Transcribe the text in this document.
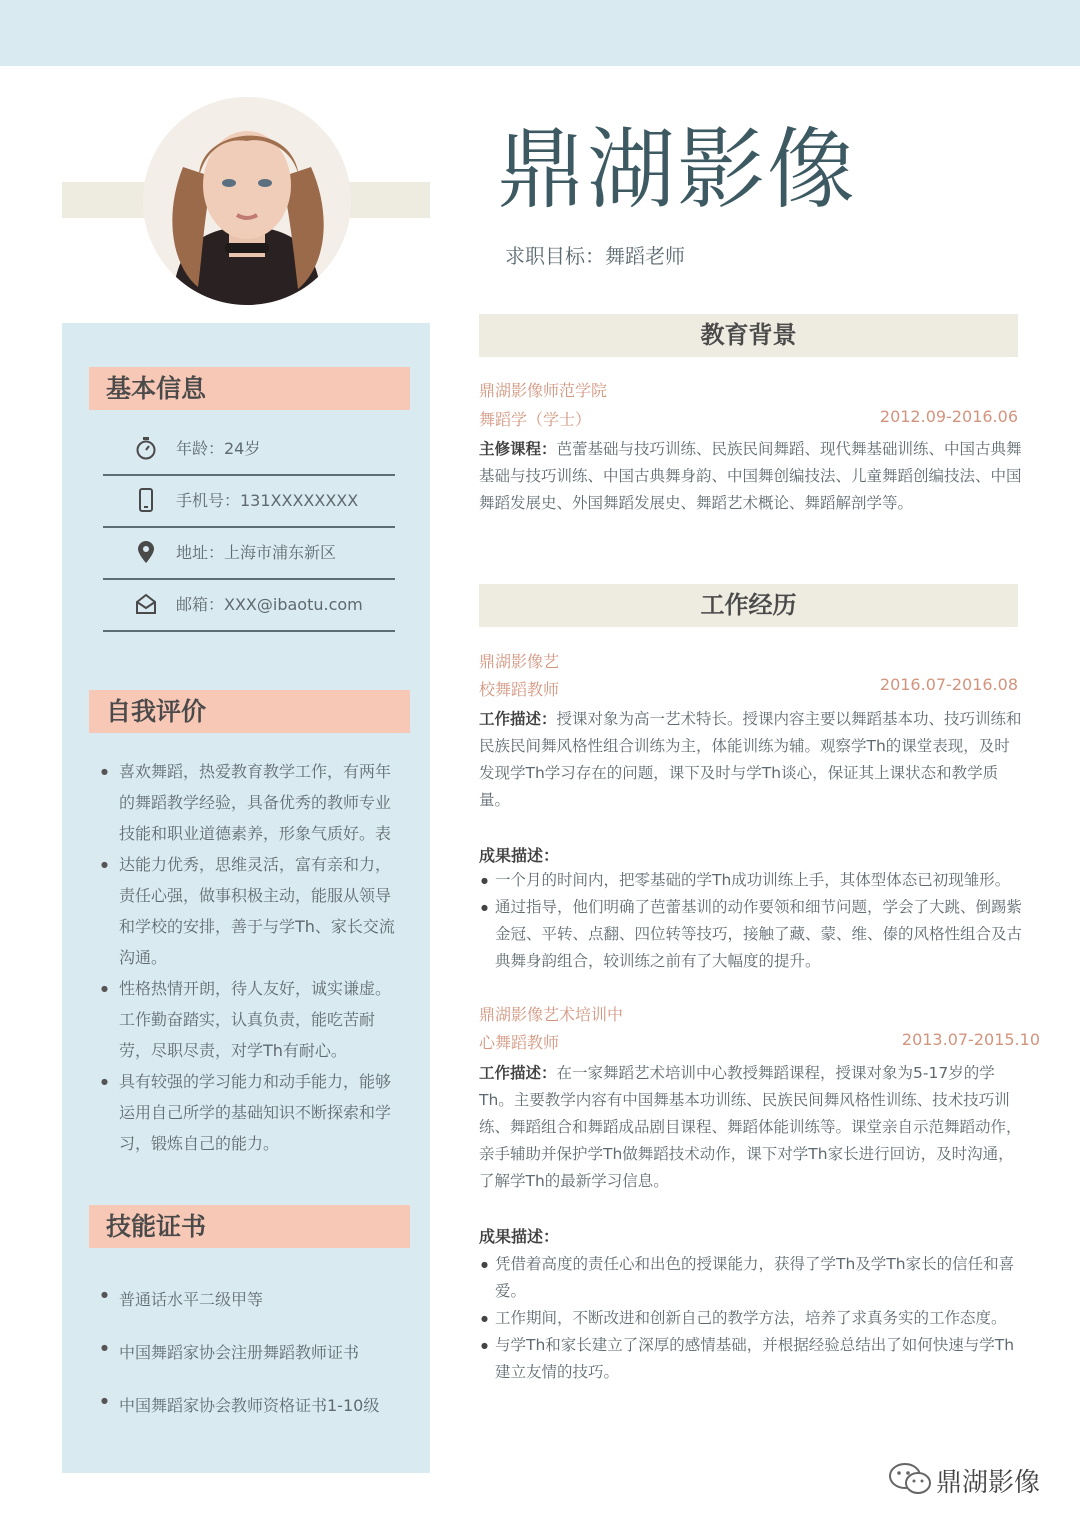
鼎湖影像
求职目标：舞蹈老师
基本信息
年龄：24岁
手机号：131XXXXXXXX
地址：上海市浦东新区
邮箱：XXX@ibaotu.com
自我评价
● 喜欢舞蹈，热爱教育教学工作，有两年的舞蹈教学经验，具备优秀的教师专业技能和职业道德素养，形象气质好。表
● 达能力优秀，思维灵活，富有亲和力，责任心强，做事积极主动，能服从领导和学校的安排，善于与学Th、家长交流沟通。
● 性格热情开朗，待人友好，诚实谦虚。工作勤奋踏实，认真负责，能吃苦耐劳，尽职尽责，对学Th有耐心。
● 具有较强的学习能力和动手能力，能够运用自己所学的基础知识不断探索和学习，锻炼自己的能力。
技能证书
● 普通话水平二级甲等
● 中国舞蹈家协会注册舞蹈教师证书
● 中国舞蹈家协会教师资格证书1-10级
教育背景
鼎湖影像师范学院
舞蹈学（学士）	2012.09-2016.06
主修课程：芭蕾基础与技巧训练、民族民间舞蹈、现代舞基础训练、中国古典舞基础与技巧训练、中国古典舞身韵、中国舞创编技法、儿童舞蹈创编技法、中国舞蹈发展史、外国舞蹈发展史、舞蹈艺术概论、舞蹈解剖学等。
工作经历
鼎湖影像艺
校舞蹈教师	2016.07-2016.08
工作描述：授课对象为高一艺术特长。授课内容主要以舞蹈基本功、技巧训练和民族民间舞风格性组合训练为主，体能训练为辅。观察学Th的课堂表现，及时发现学Th学习存在的问题，课下及时与学Th谈心，保证其上课状态和教学质量。
成果描述：
● 一个月的时间内，把零基础的学Th成功训练上手，其体型体态已初现雏形。
● 通过指导，他们明确了芭蕾基训的动作要领和细节问题，学会了大跳、倒踢紫金冠、平转、点翻、四位转等技巧，接触了藏、蒙、维、傣的风格性组合及古典舞身韵组合，较训练之前有了大幅度的提升。
鼎湖影像艺术培训中
心舞蹈教师	2013.07-2015.10
工作描述：在一家舞蹈艺术培训中心教授舞蹈课程，授课对象为5-17岁的学Th。主要教学内容有中国舞基本功训练、民族民间舞风格性训练、技术技巧训练、舞蹈组合和舞蹈成品剧目课程、舞蹈体能训练等。课堂亲自示范舞蹈动作，亲手辅助并保护学Th做舞蹈技术动作，课下对学Th家长进行回访，及时沟通，了解学Th的最新学习信息。
成果描述：
● 凭借着高度的责任心和出色的授课能力，获得了学Th及学Th家长的信任和喜爱。
● 工作期间，不断改进和创新自己的教学方法，培养了求真务实的工作态度。
● 与学Th和家长建立了深厚的感情基础，并根据经验总结出了如何快速与学Th建立友情的技巧。
鼎湖影像
